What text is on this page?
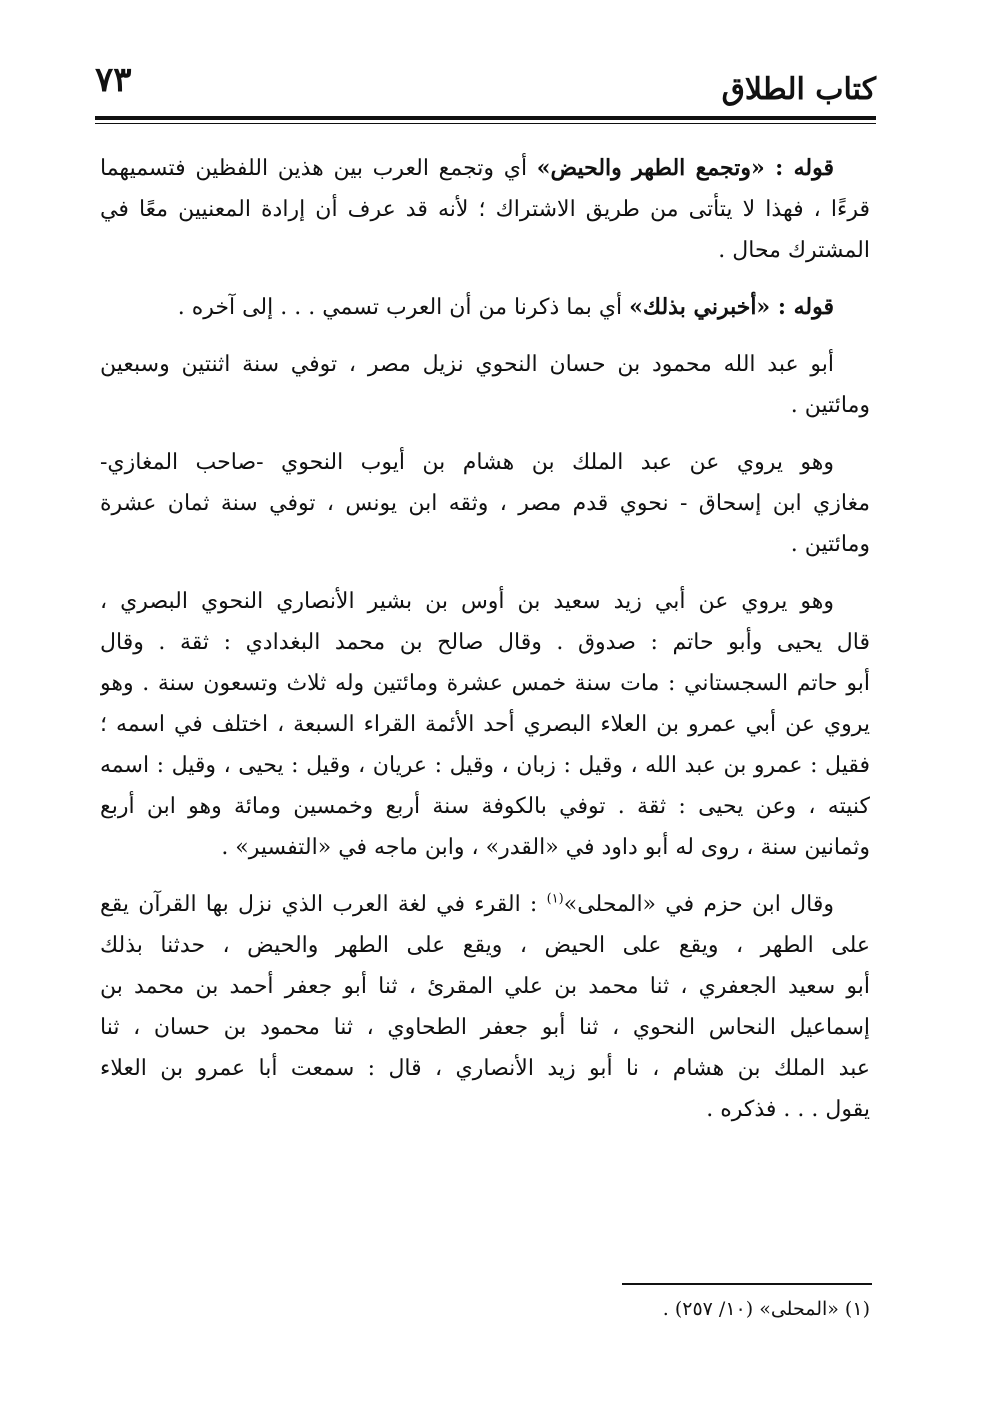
كتاب الطلاق
٧٣
قوله : «وتجمع الطهر والحيض» أي وتجمع العرب بين هذين اللفظين فتسميهما
قرءًا ، فهذا لا يتأتى من طريق الاشتراك ؛ لأنه قد عرف أن إرادة المعنيين معًا في
المشترك محال .
قوله : «أخبرني بذلك» أي بما ذكرنا من أن العرب تسمي . . . إلى آخره .
أبو عبد الله محمود بن حسان النحوي نزيل مصر ، توفي سنة اثنتين وسبعين
ومائتين .
وهو يروي عن عبد الملك بن هشام بن أيوب النحوي -صاحب المغازي-
مغازي ابن إسحاق - نحوي قدم مصر ، وثقه ابن يونس ، توفي سنة ثمان عشرة
ومائتين .
وهو يروي عن أبي زيد سعيد بن أوس بن بشير الأنصاري النحوي البصري ،
قال يحيى وأبو حاتم : صدوق . وقال صالح بن محمد البغدادي : ثقة . وقال
أبو حاتم السجستاني : مات سنة خمس عشرة ومائتين وله ثلاث وتسعون سنة . وهو
يروي عن أبي عمرو بن العلاء البصري أحد الأئمة القراء السبعة ، اختلف في اسمه ؛
فقيل : عمرو بن عبد الله ، وقيل : زبان ، وقيل : عريان ، وقيل : يحيى ، وقيل : اسمه
كنيته ، وعن يحيى : ثقة . توفي بالكوفة سنة أربع وخمسين ومائة وهو ابن أربع
وثمانين سنة ، روى له أبو داود في «القدر» ، وابن ماجه في «التفسير» .
وقال ابن حزم في «المحلى»$^{(١)}$ : القرء في لغة العرب الذي نزل بها القرآن يقع
على الطهر ، ويقع على الحيض ، ويقع على الطهر والحيض ، حدثنا بذلك
أبو سعيد الجعفري ، ثنا محمد بن علي المقرئ ، ثنا أبو جعفر أحمد بن محمد بن
إسماعيل النحاس النحوي ، ثنا أبو جعفر الطحاوي ، ثنا محمود بن حسان ، ثنا
عبد الملك بن هشام ، نا أبو زيد الأنصاري ، قال : سمعت أبا عمرو بن العلاء
يقول . . . فذكره .
(١) «المحلى» (١٠/ ٢٥٧) .
